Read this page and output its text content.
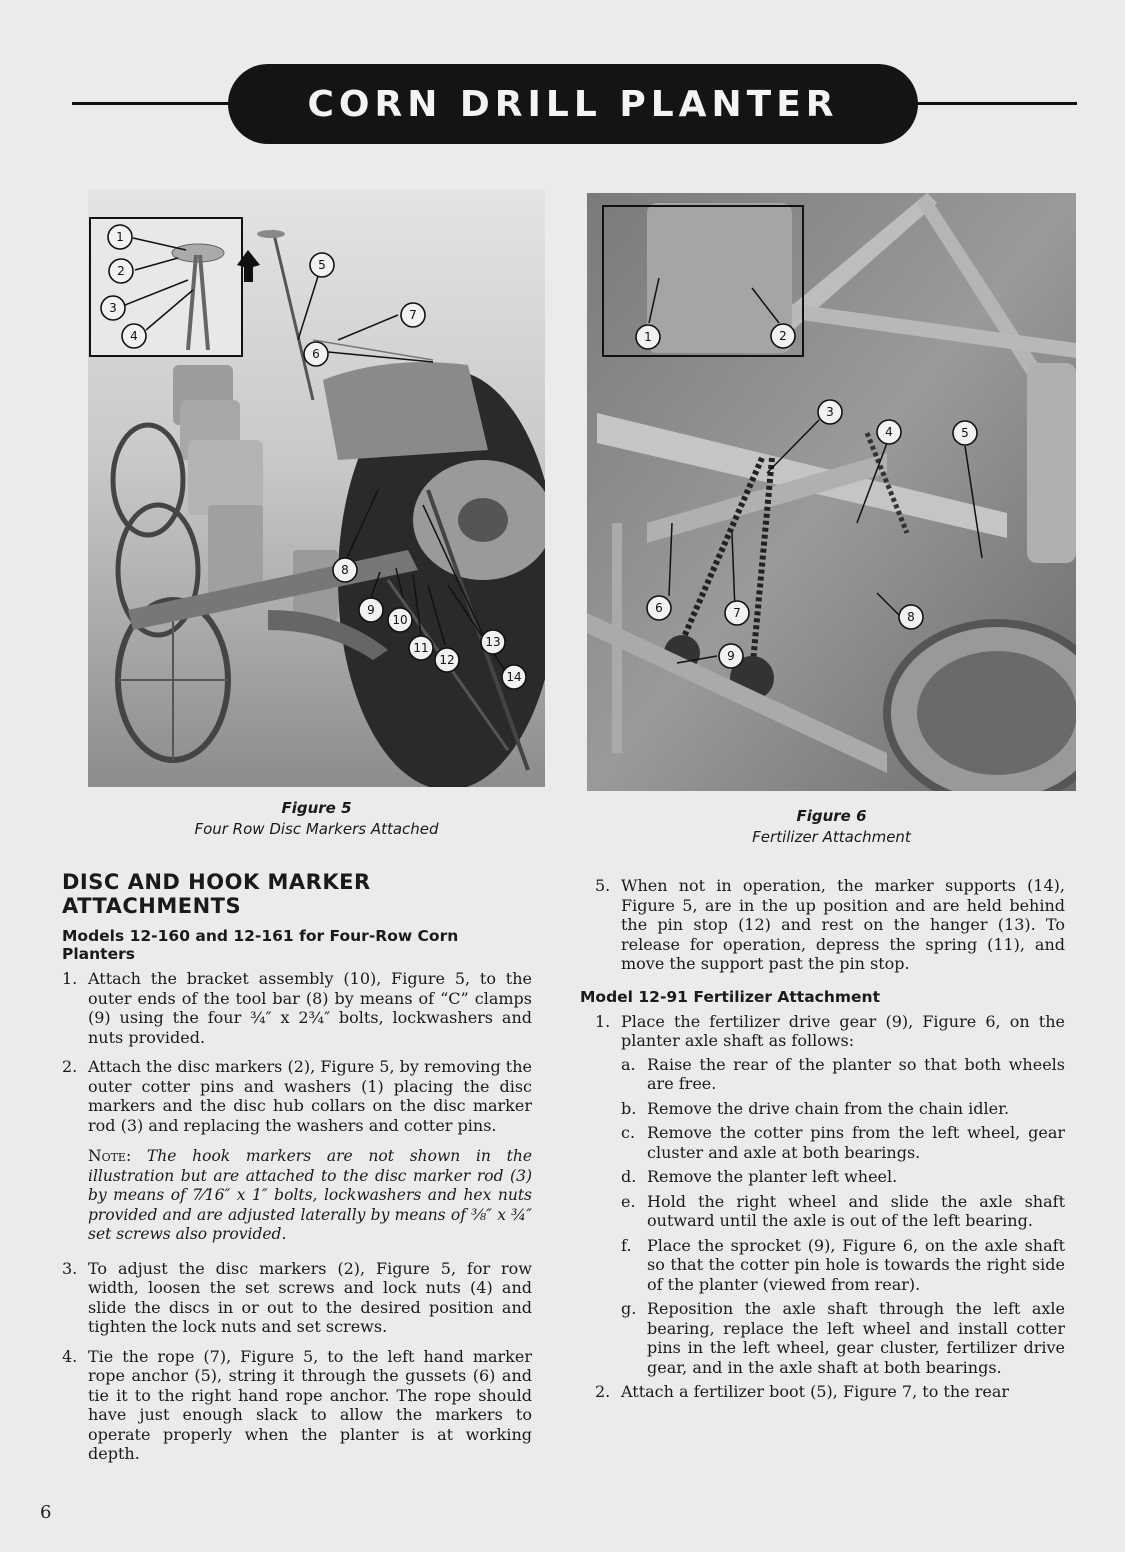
CORN DRILL PLANTER
1
2
3
4
5
6
7
8
9
10
11
12
13
14
Figure 5
Four Row Disc Markers Attached
1	2
3
4	5
6	7	8
9
Figure 6
Fertilizer Attachment
DISC AND HOOK MARKER ATTACHMENTS
Models 12-160 and 12-161 for Four-Row Corn Planters
1. Attach the bracket assembly (10), Figure 5, to the outer ends of the tool bar (8) by means of “C” clamps (9) using the four ¾″ x 2¾″ bolts, lockwashers and nuts provided.
2. Attach the disc markers (2), Figure 5, by removing the outer cotter pins and washers (1) placing the disc markers and the disc hub collars on the disc marker rod (3) and replacing the washers and cotter pins.
Note: The hook markers are not shown in the illustration but are attached to the disc marker rod (3) by means of 7⁄16″ x 1″ bolts, lockwashers and hex nuts provided and are adjusted laterally by means of ⅜″ x ¾″ set screws also provided.
3. To adjust the disc markers (2), Figure 5, for row width, loosen the set screws and lock nuts (4) and slide the discs in or out to the desired position and tighten the lock nuts and set screws.
4. Tie the rope (7), Figure 5, to the left hand marker rope anchor (5), string it through the gussets (6) and tie it to the right hand rope anchor. The rope should have just enough slack to allow the markers to operate properly when the planter is at working depth.
5. When not in operation, the marker supports (14), Figure 5, are in the up position and are held behind the pin stop (12) and rest on the hanger (13). To release for operation, depress the spring (11), and move the support past the pin stop.
Model 12-91 Fertilizer Attachment
1. Place the fertilizer drive gear (9), Figure 6, on the planter axle shaft as follows:
a. Raise the rear of the planter so that both wheels are free.
b. Remove the drive chain from the chain idler.
c. Remove the cotter pins from the left wheel, gear cluster and axle at both bearings.
d. Remove the planter left wheel.
e. Hold the right wheel and slide the axle shaft outward until the axle is out of the left bearing.
f. Place the sprocket (9), Figure 6, on the axle shaft so that the cotter pin hole is towards the right side of the planter (viewed from rear).
g. Reposition the axle shaft through the left axle bearing, replace the left wheel and install cotter pins in the left wheel, gear cluster, fertilizer drive gear, and in the axle shaft at both bearings.
2. Attach a fertilizer boot (5), Figure 7, to the rear
6
